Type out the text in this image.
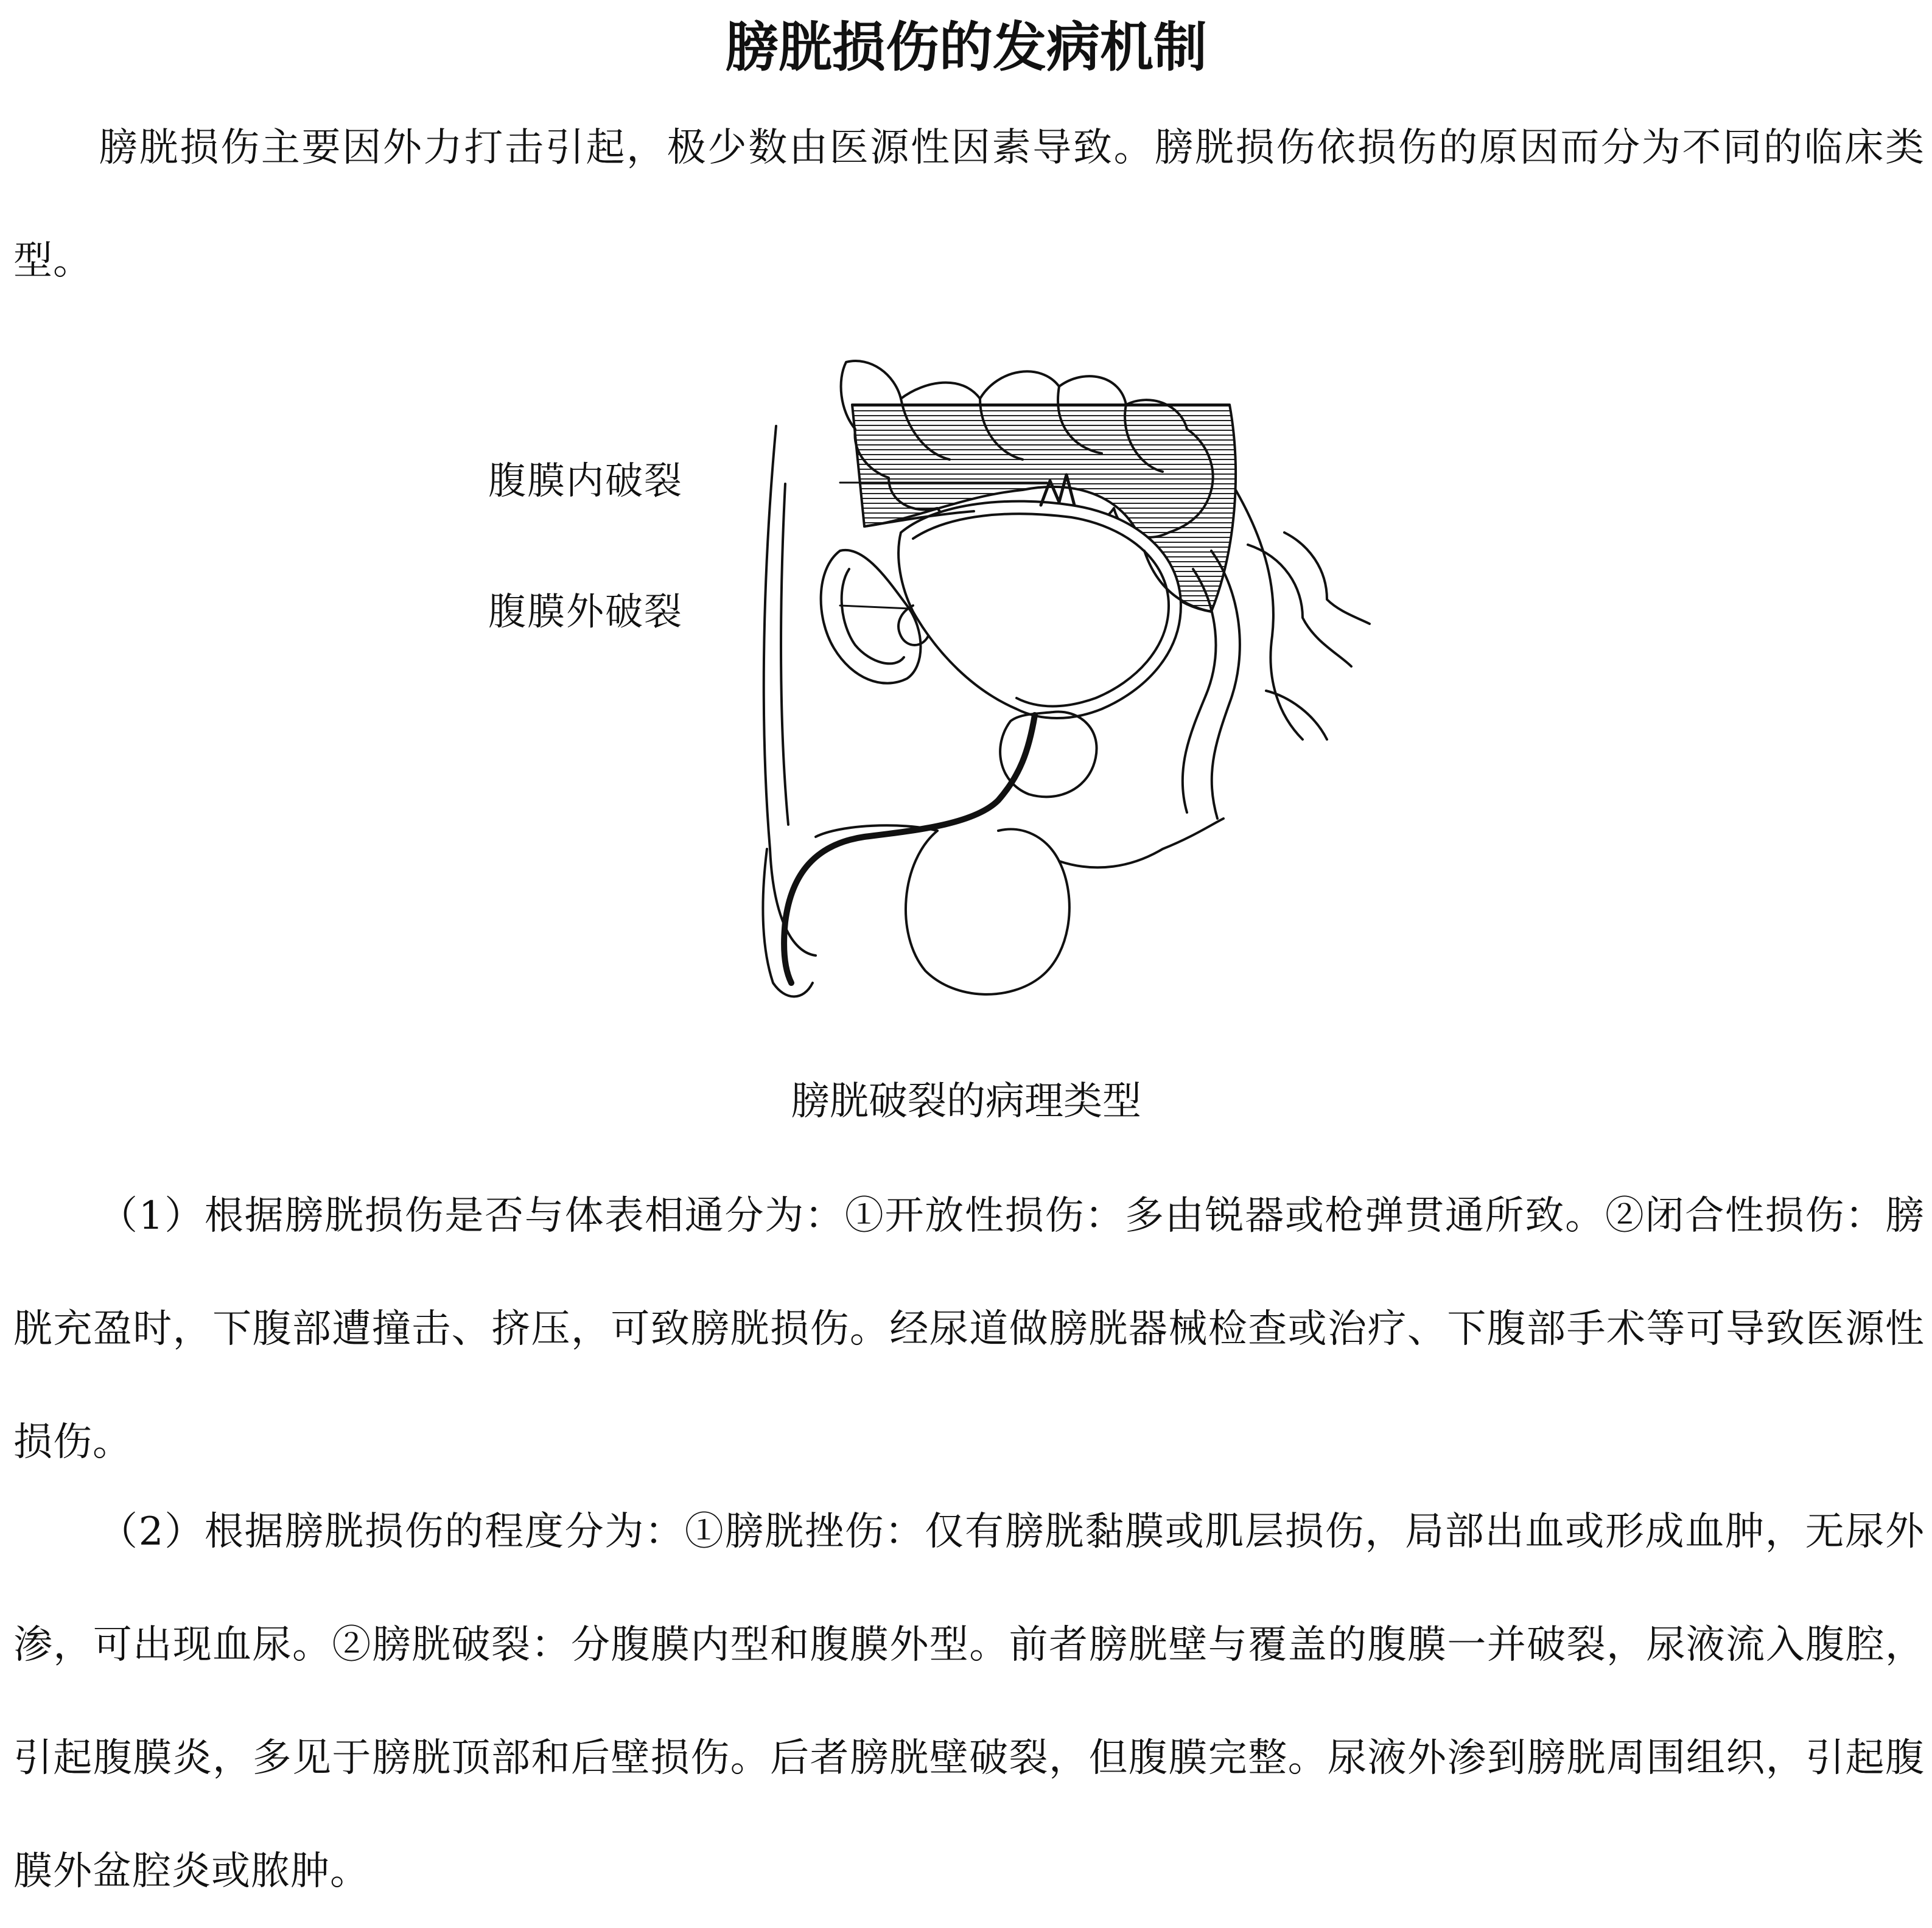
膀胱损伤的发病机制

膀胱损伤主要因外力打击引起，极少数由医源性因素导致。膀胱损伤依损伤的原因而分为不同的临床类型。

腹膜内破裂
腹膜外破裂

膀胱破裂的病理类型

（1）根据膀胱损伤是否与体表相通分为：①开放性损伤：多由锐器或枪弹贯通所致。②闭合性损伤：膀胱充盈时，下腹部遭撞击、挤压，可致膀胱损伤。经尿道做膀胱器械检查或治疗、下腹部手术等可导致医源性损伤。

（2）根据膀胱损伤的程度分为：①膀胱挫伤：仅有膀胱黏膜或肌层损伤，局部出血或形成血肿，无尿外渗，可出现血尿。②膀胱破裂：分腹膜内型和腹膜外型。前者膀胱壁与覆盖的腹膜一并破裂，尿液流入腹腔，引起腹膜炎，多见于膀胱顶部和后壁损伤。后者膀胱壁破裂，但腹膜完整。尿液外渗到膀胱周围组织，引起腹膜外盆腔炎或脓肿。
